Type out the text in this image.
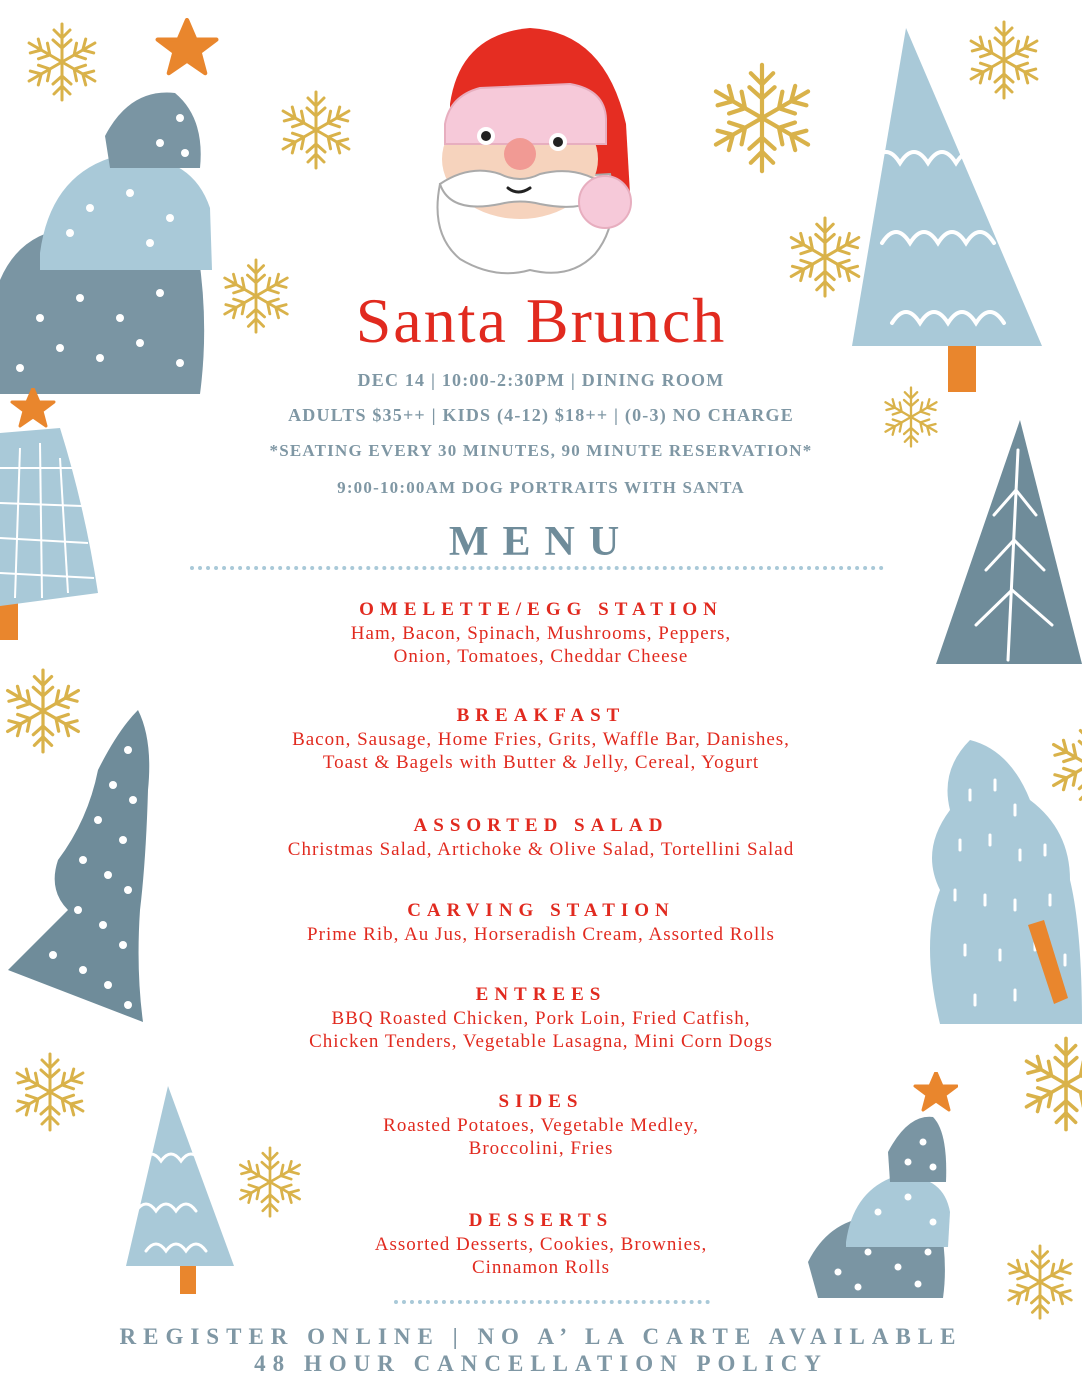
Santa Brunch
DEC 14 | 10:00-2:30PM | DINING ROOM
ADULTS $35++ | KIDS (4-12) $18++ | (0-3) NO CHARGE
*SEATING EVERY 30 MINUTES, 90 MINUTE RESERVATION*
9:00-10:00AM DOG PORTRAITS WITH SANTA
MENU
OMELETTE/EGG STATION
Ham, Bacon, Spinach, Mushrooms, Peppers,
Onion, Tomatoes, Cheddar Cheese
BREAKFAST
Bacon, Sausage, Home Fries, Grits, Waffle Bar, Danishes,
Toast & Bagels with Butter & Jelly, Cereal, Yogurt
ASSORTED SALAD
Christmas Salad, Artichoke & Olive Salad, Tortellini Salad
CARVING STATION
Prime Rib, Au Jus, Horseradish Cream, Assorted Rolls
ENTREES
BBQ Roasted Chicken, Pork Loin, Fried Catfish,
Chicken Tenders, Vegetable Lasagna, Mini Corn Dogs
SIDES
Roasted Potatoes, Vegetable Medley,
Broccolini, Fries
DESSERTS
Assorted Desserts, Cookies, Brownies,
Cinnamon Rolls
REGISTER ONLINE | NO A’ LA CARTE AVAILABLE
48 HOUR CANCELLATION POLICY
